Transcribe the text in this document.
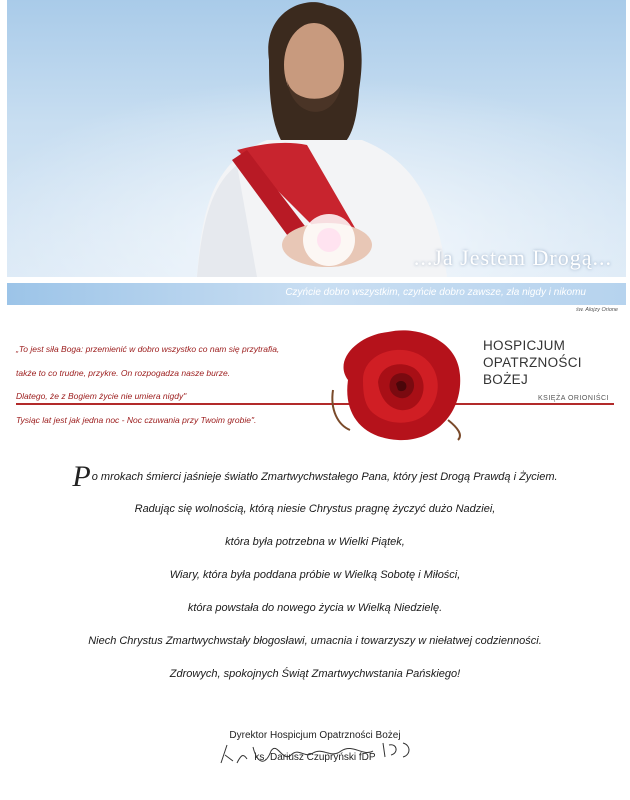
...Ja Jestem Drogą...
Czyńcie dobro wszystkim, czyńcie dobro zawsze, zła nigdy i nikomu
św. Alojzy Orione
„To jest siła Boga: przemienić w dobro wszystko co nam się przytrafia,
także to co trudne, przykre. On rozpogadza nasze burze.
Dlatego, że z Bogiem życie nie umiera nigdy"
Tysiąc lat jest jak jedna noc - Noc czuwania przy Twoim grobie".
HOSPICJUM
OPATRZNOŚCI
BOŻEJ
KSIĘŻA ORIONIŚCI
Po mrokach śmierci jaśnieje światło Zmartwychwstałego Pana, który jest Drogą Prawdą i Życiem.
Radując się wolnością, którą niesie Chrystus pragnę życzyć dużo Nadziei,
która była potrzebna w Wielki Piątek,
Wiary, która była poddana próbie w Wielką Sobotę i Miłości,
która powstała do nowego życia w Wielką Niedzielę.
Niech Chrystus Zmartwychwstały błogosławi, umacnia i towarzyszy w niełatwej codzienności.
Zdrowych, spokojnych Świąt Zmartwychwstania Pańskiego!
Dyrektor Hospicjum Opatrzności Bożej
ks. Dariusz Czupryński fDP
